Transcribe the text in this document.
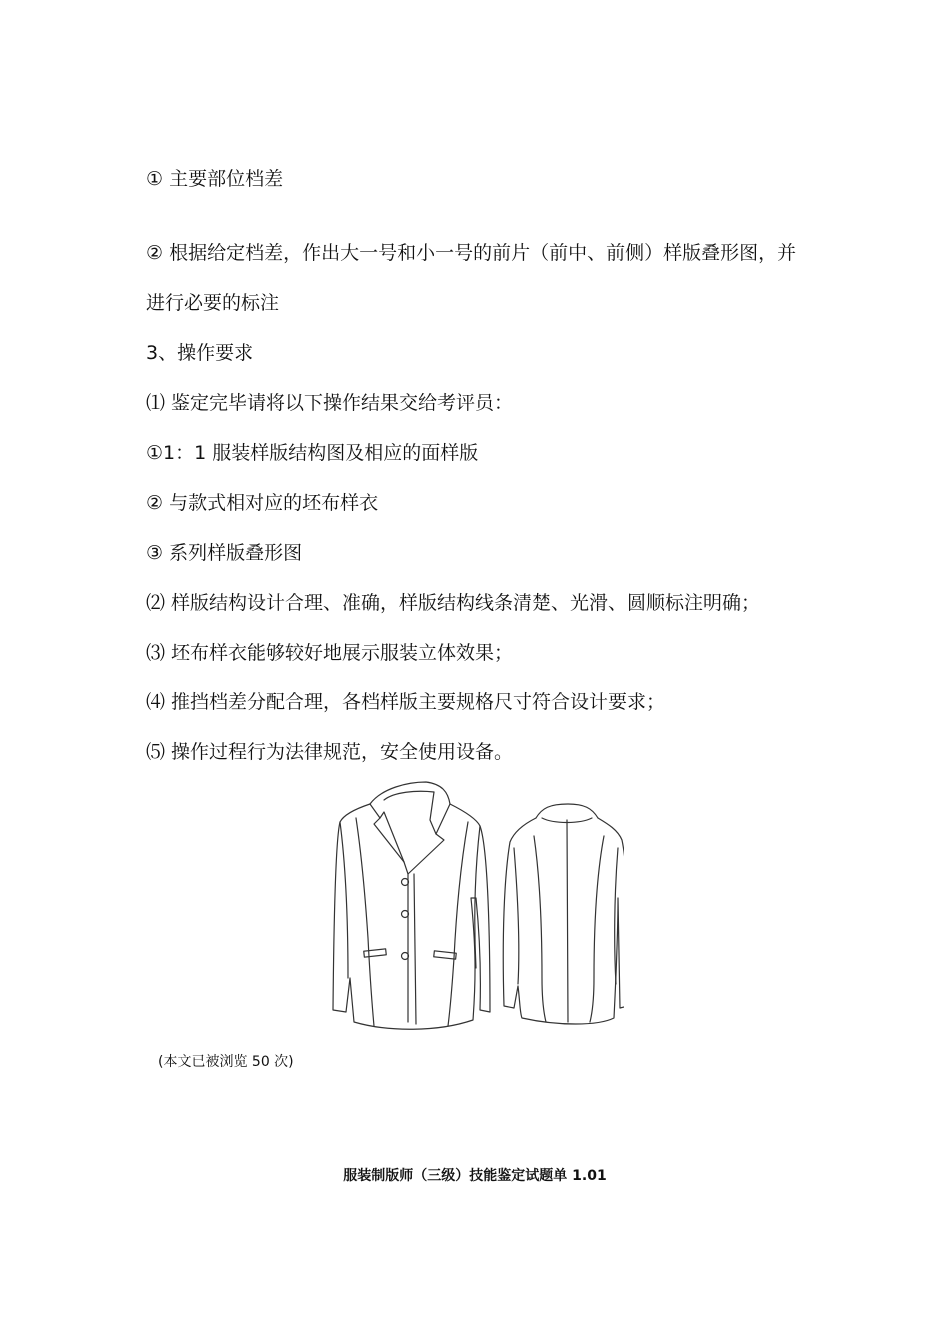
① 主要部位档差
② 根据给定档差，作出大一号和小一号的前片（前中、前侧）样版叠形图，并
进行必要的标注
3、操作要求
⑴ 鉴定完毕请将以下操作结果交给考评员：
①1：1 服装样版结构图及相应的面样版
② 与款式相对应的坯布样衣
③ 系列样版叠形图
⑵ 样版结构设计合理、准确，样版结构线条清楚、光滑、圆顺标注明确；
⑶ 坯布样衣能够较好地展示服装立体效果；
⑷ 推挡档差分配合理，各档样版主要规格尺寸符合设计要求；
⑸ 操作过程行为法律规范，安全使用设备。
(本文已被浏览 50 次)
服装制版师（三级）技能鉴定试题单 1.01
